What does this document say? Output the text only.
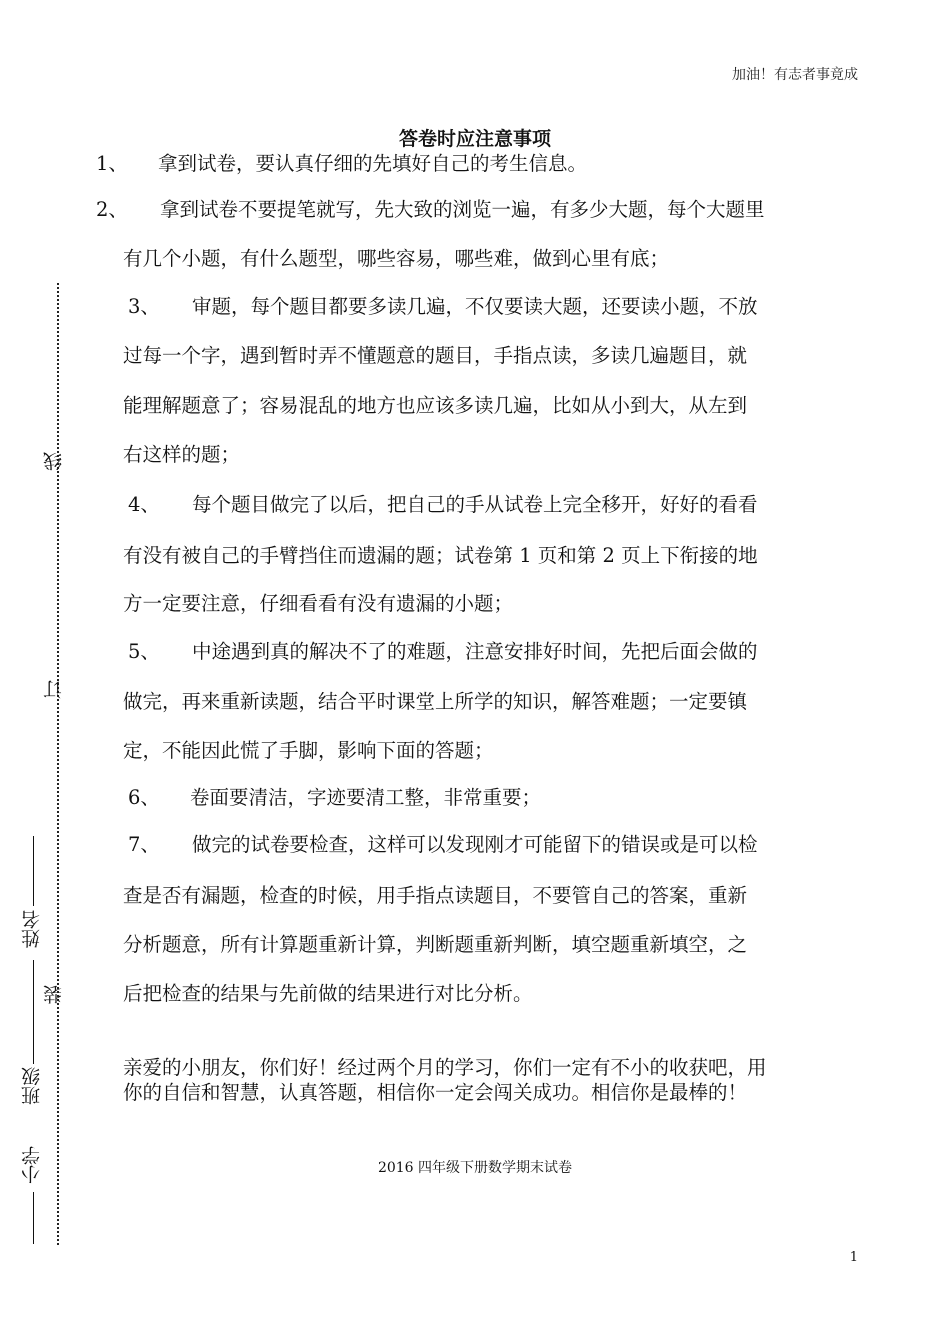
加油！有志者事竟成
答卷时应注意事项
1、 拿到试卷，要认真仔细的先填好自己的考生信息。
2、 拿到试卷不要提笔就写，先大致的浏览一遍，有多少大题，每个大题里
有几个小题，有什么题型，哪些容易，哪些难，做到心里有底；
3、 审题，每个题目都要多读几遍，不仅要读大题，还要读小题，不放
过每一个字，遇到暂时弄不懂题意的题目，手指点读，多读几遍题目，就
能理解题意了；容易混乱的地方也应该多读几遍，比如从小到大，从左到
右这样的题；
4、 每个题目做完了以后，把自己的手从试卷上完全移开，好好的看看
有没有被自己的手臂挡住而遗漏的题；试卷第 1 页和第 2 页上下衔接的地
方一定要注意，仔细看看有没有遗漏的小题；
5、 中途遇到真的解决不了的难题，注意安排好时间，先把后面会做的
做完，再来重新读题，结合平时课堂上所学的知识，解答难题；一定要镇
定，不能因此慌了手脚，影响下面的答题；
6、 卷面要清洁，字迹要清工整，非常重要；
7、 做完的试卷要检查，这样可以发现刚才可能留下的错误或是可以检
查是否有漏题，检查的时候，用手指点读题目，不要管自己的答案，重新
分析题意，所有计算题重新计算，判断题重新判断，填空题重新填空，之
后把检查的结果与先前做的结果进行对比分析。
亲爱的小朋友，你们好！经过两个月的学习，你们一定有不小的收获吧，用
你的自信和智慧，认真答题，相信你一定会闯关成功。相信你是最棒的！
2016 四年级下册数学期末试卷
1
线
订
装
姓名
班级
小学
